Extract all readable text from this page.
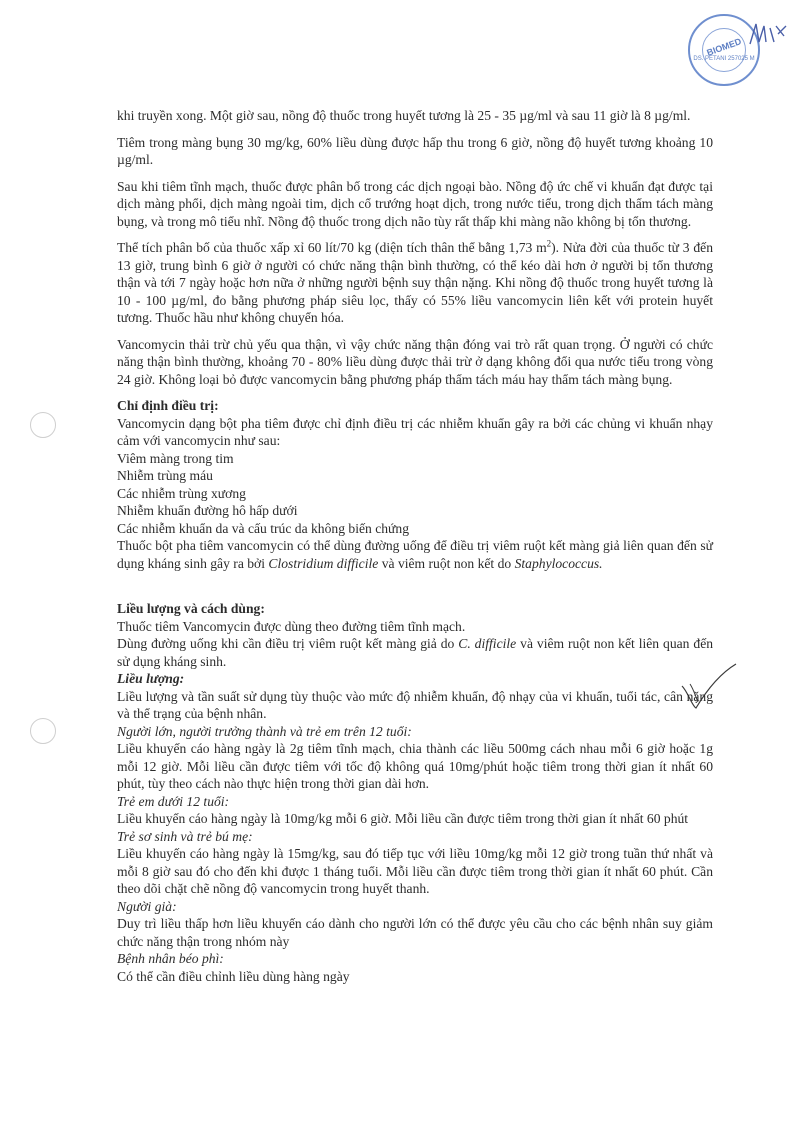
BIOMED
DS. PETANI 257025 M

khi truyền xong. Một giờ sau, nồng độ thuốc trong huyết tương là 25 - 35 µg/ml và sau 11 giờ là 8 µg/ml.

Tiêm trong màng bụng 30 mg/kg, 60% liều dùng được hấp thu trong 6 giờ, nồng độ huyết tương khoảng 10 µg/ml.

Sau khi tiêm tĩnh mạch, thuốc được phân bố trong các dịch ngoại bào. Nồng độ ức chế vi khuẩn đạt được tại dịch màng phổi, dịch màng ngoài tim, dịch cổ trướng hoạt dịch, trong nước tiểu, trong dịch thẩm tách màng bụng, và trong mô tiểu nhĩ. Nồng độ thuốc trong dịch não tùy rất thấp khi màng não không bị tổn thương.

Thể tích phân bố của thuốc xấp xỉ 60 lít/70 kg (diện tích thân thể bằng 1,73 $m^2$). Nửa đời của thuốc từ 3 đến 13 giờ, trung bình 6 giờ ở người có chức năng thận bình thường, có thể kéo dài hơn ở người bị tổn thương thận và tới 7 ngày hoặc hơn nữa ở những người bệnh suy thận nặng. Khi nồng độ thuốc trong huyết tương là 10 - 100 µg/ml, đo bằng phương pháp siêu lọc, thấy có 55% liều vancomycin liên kết với protein huyết tương. Thuốc hầu như không chuyển hóa.

Vancomycin thải trừ chủ yếu qua thận, vì vậy chức năng thận đóng vai trò rất quan trọng. Ở người có chức năng thận bình thường, khoảng 70 - 80% liều dùng được thải trừ ở dạng không đổi qua nước tiểu trong vòng 24 giờ. Không loại bỏ được vancomycin bằng phương pháp thẩm tách máu hay thẩm tách màng bụng.

Chỉ định điều trị:
Vancomycin dạng bột pha tiêm được chỉ định điều trị các nhiễm khuẩn gây ra bởi các chủng vi khuẩn nhạy cảm với vancomycin như sau:
Viêm màng trong tim
Nhiễm trùng máu
Các nhiễm trùng xương
Nhiễm khuẩn đường hô hấp dưới
Các nhiễm khuẩn da và cấu trúc da không biến chứng
Thuốc bột pha tiêm vancomycin có thể dùng đường uống để điều trị viêm ruột kết màng giả liên quan đến sử dụng kháng sinh gây ra bởi Clostridium difficile và viêm ruột non kết do Staphylococcus.
Liều lượng và cách dùng:
Thuốc tiêm Vancomycin được dùng theo đường tiêm tĩnh mạch.
Dùng đường uống khi cần điều trị viêm ruột kết màng giả do C. difficile và viêm ruột non kết liên quan đến sử dụng kháng sinh.
Liều lượng:
Liều lượng và tần suất sử dụng tùy thuộc vào mức độ nhiễm khuẩn, độ nhạy của vi khuẩn, tuổi tác, cân nặng và thể trạng của bệnh nhân.
Người lớn, người trưởng thành và trẻ em trên 12 tuổi:
Liều khuyến cáo hàng ngày là 2g tiêm tĩnh mạch, chia thành các liều 500mg cách nhau mỗi 6 giờ hoặc 1g mỗi 12 giờ. Mỗi liều cần được tiêm với tốc độ không quá 10mg/phút hoặc tiêm trong thời gian ít nhất 60 phút, tùy theo cách nào thực hiện trong thời gian dài hơn.
Trẻ em dưới 12 tuổi:
Liều khuyến cáo hàng ngày là 10mg/kg mỗi 6 giờ. Mỗi liều cần được tiêm trong thời gian ít nhất 60 phút
Trẻ sơ sinh và trẻ bú mẹ:
Liều khuyến cáo hàng ngày là 15mg/kg, sau đó tiếp tục với liều 10mg/kg mỗi 12 giờ trong tuần thứ nhất và mỗi 8 giờ sau đó cho đến khi được 1 tháng tuổi. Mỗi liều cần được tiêm trong thời gian ít nhất 60 phút. Cần theo dõi chặt chẽ nồng độ vancomycin trong huyết thanh.
Người già:
Duy trì liều thấp hơn liều khuyến cáo dành cho người lớn có thể được yêu cầu cho các bệnh nhân suy giảm chức năng thận trong nhóm này
Bệnh nhân béo phì:
Có thể cần điều chỉnh liều dùng hàng ngày
